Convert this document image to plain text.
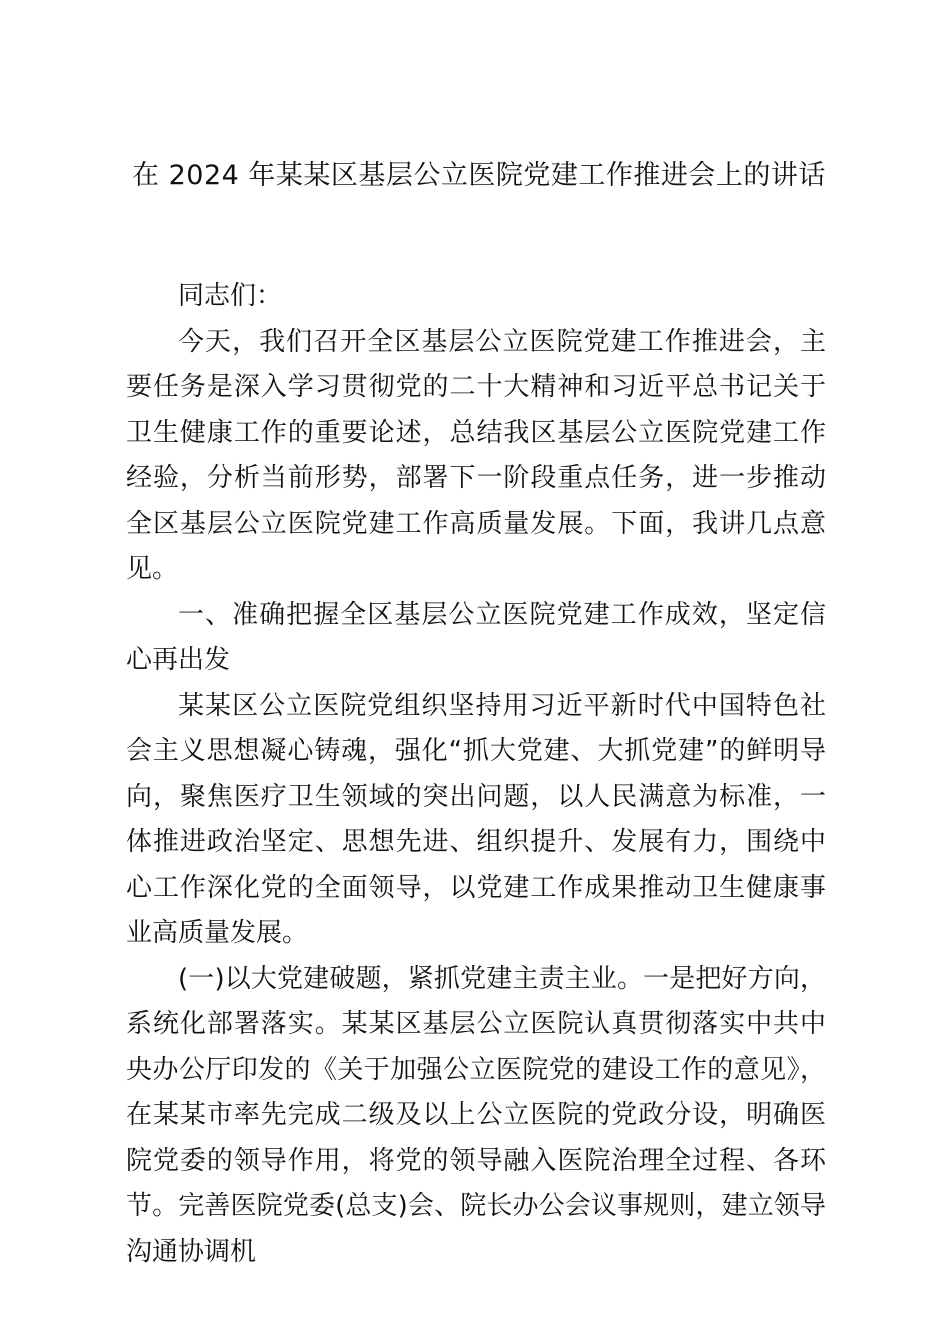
在 2024 年某某区基层公立医院党建工作推进会上的讲话

同志们：

今天，我们召开全区基层公立医院党建工作推进会，主要任务是深入学习贯彻党的二十大精神和习近平总书记关于卫生健康工作的重要论述，总结我区基层公立医院党建工作经验，分析当前形势，部署下一阶段重点任务，进一步推动全区基层公立医院党建工作高质量发展。下面，我讲几点意见。

一、准确把握全区基层公立医院党建工作成效，坚定信心再出发

某某区公立医院党组织坚持用习近平新时代中国特色社会主义思想凝心铸魂，强化“抓大党建、大抓党建”的鲜明导向，聚焦医疗卫生领域的突出问题，以人民满意为标准，一体推进政治坚定、思想先进、组织提升、发展有力，围绕中心工作深化党的全面领导，以党建工作成果推动卫生健康事业高质量发展。

(一)以大党建破题，紧抓党建主责主业。一是把好方向，系统化部署落实。某某区基层公立医院认真贯彻落实中共中央办公厅印发的《关于加强公立医院党的建设工作的意见》，在某某市率先完成二级及以上公立医院的党政分设，明确医院党委的领导作用，将党的领导融入医院治理全过程、各环节。完善医院党委(总支)会、院长办公会议事规则，建立领导沟通协调机
